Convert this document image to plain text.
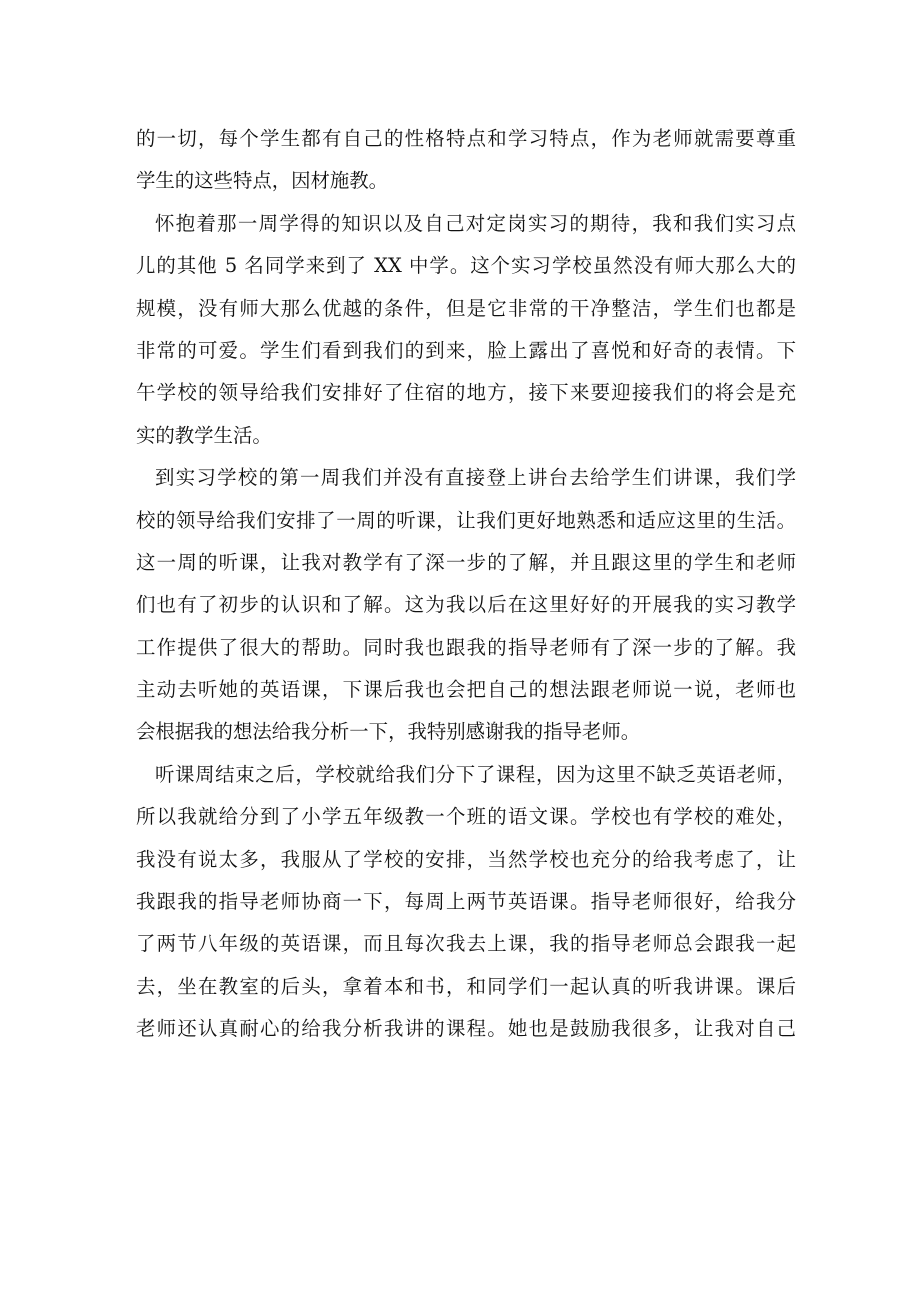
的一切，每个学生都有自己的性格特点和学习特点，作为老师就需要尊重
学生的这些特点，因材施教。
怀抱着那一周学得的知识以及自己对定岗实习的期待，我和我们实习点
儿的其他 5 名同学来到了 XX 中学。这个实习学校虽然没有师大那么大的
规模，没有师大那么优越的条件，但是它非常的干净整洁，学生们也都是
非常的可爱。学生们看到我们的到来，脸上露出了喜悦和好奇的表情。下
午学校的领导给我们安排好了住宿的地方，接下来要迎接我们的将会是充
实的教学生活。
到实习学校的第一周我们并没有直接登上讲台去给学生们讲课，我们学
校的领导给我们安排了一周的听课，让我们更好地熟悉和适应这里的生活。
这一周的听课，让我对教学有了深一步的了解，并且跟这里的学生和老师
们也有了初步的认识和了解。这为我以后在这里好好的开展我的实习教学
工作提供了很大的帮助。同时我也跟我的指导老师有了深一步的了解。我
主动去听她的英语课，下课后我也会把自己的想法跟老师说一说，老师也
会根据我的想法给我分析一下，我特别感谢我的指导老师。
听课周结束之后，学校就给我们分下了课程，因为这里不缺乏英语老师，
所以我就给分到了小学五年级教一个班的语文课。学校也有学校的难处，
我没有说太多，我服从了学校的安排，当然学校也充分的给我考虑了，让
我跟我的指导老师协商一下，每周上两节英语课。指导老师很好，给我分
了两节八年级的英语课，而且每次我去上课，我的指导老师总会跟我一起
去，坐在教室的后头，拿着本和书，和同学们一起认真的听我讲课。课后
老师还认真耐心的给我分析我讲的课程。她也是鼓励我很多，让我对自己
